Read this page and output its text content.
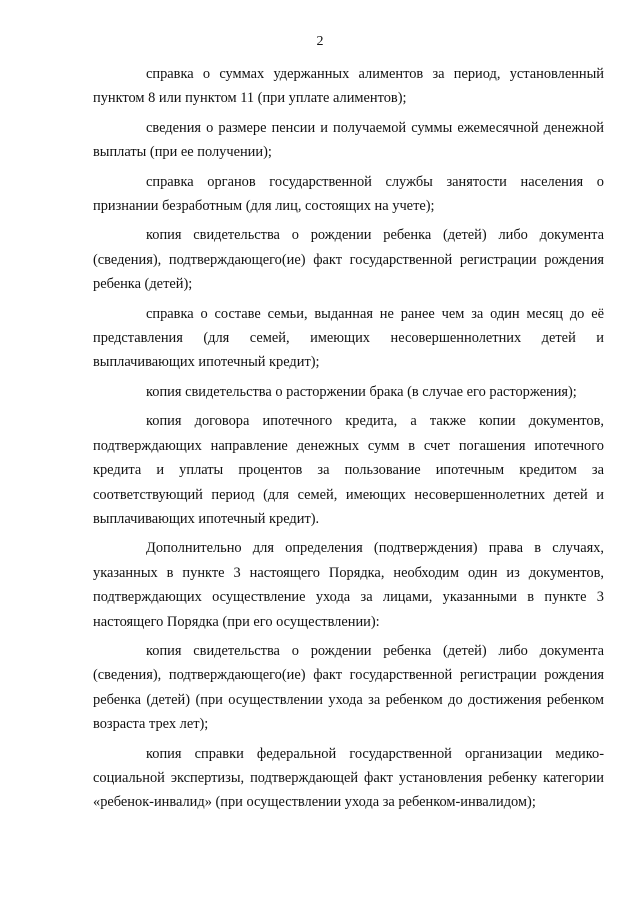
2

справка о суммах удержанных алиментов за период, установленный пунктом 8 или пунктом 11 (при уплате алиментов);

сведения о размере пенсии и получаемой суммы ежемесячной денежной выплаты (при ее получении);

справка органов государственной службы занятости населения о признании безработным (для лиц, состоящих на учете);

копия свидетельства о рождении ребенка (детей) либо документа (сведения), подтверждающего(ие) факт государственной регистрации рождения ребенка (детей);

справка о составе семьи, выданная не ранее чем за один месяц до её представления (для семей, имеющих несовершеннолетних детей и выплачивающих ипотечный кредит);

копия свидетельства о расторжении брака (в случае его расторжения);

копия договора ипотечного кредита, а также копии документов, подтверждающих направление денежных сумм в счет погашения ипотечного кредита и уплаты процентов за пользование ипотечным кредитом за соответствующий период (для семей, имеющих несовершеннолетних детей и выплачивающих ипотечный кредит).

Дополнительно для определения (подтверждения) права в случаях, указанных в пункте 3 настоящего Порядка, необходим один из документов, подтверждающих осуществление ухода за лицами, указанными в пункте 3 настоящего Порядка (при его осуществлении):

копия свидетельства о рождении ребенка (детей) либо документа (сведения), подтверждающего(ие) факт государственной регистрации рождения ребенка (детей) (при осуществлении ухода за ребенком до достижения ребенком возраста трех лет);

копия справки федеральной государственной организации медико-социальной экспертизы, подтверждающей факт установления ребенку категории «ребенок-инвалид» (при осуществлении ухода за ребенком-инвалидом);
